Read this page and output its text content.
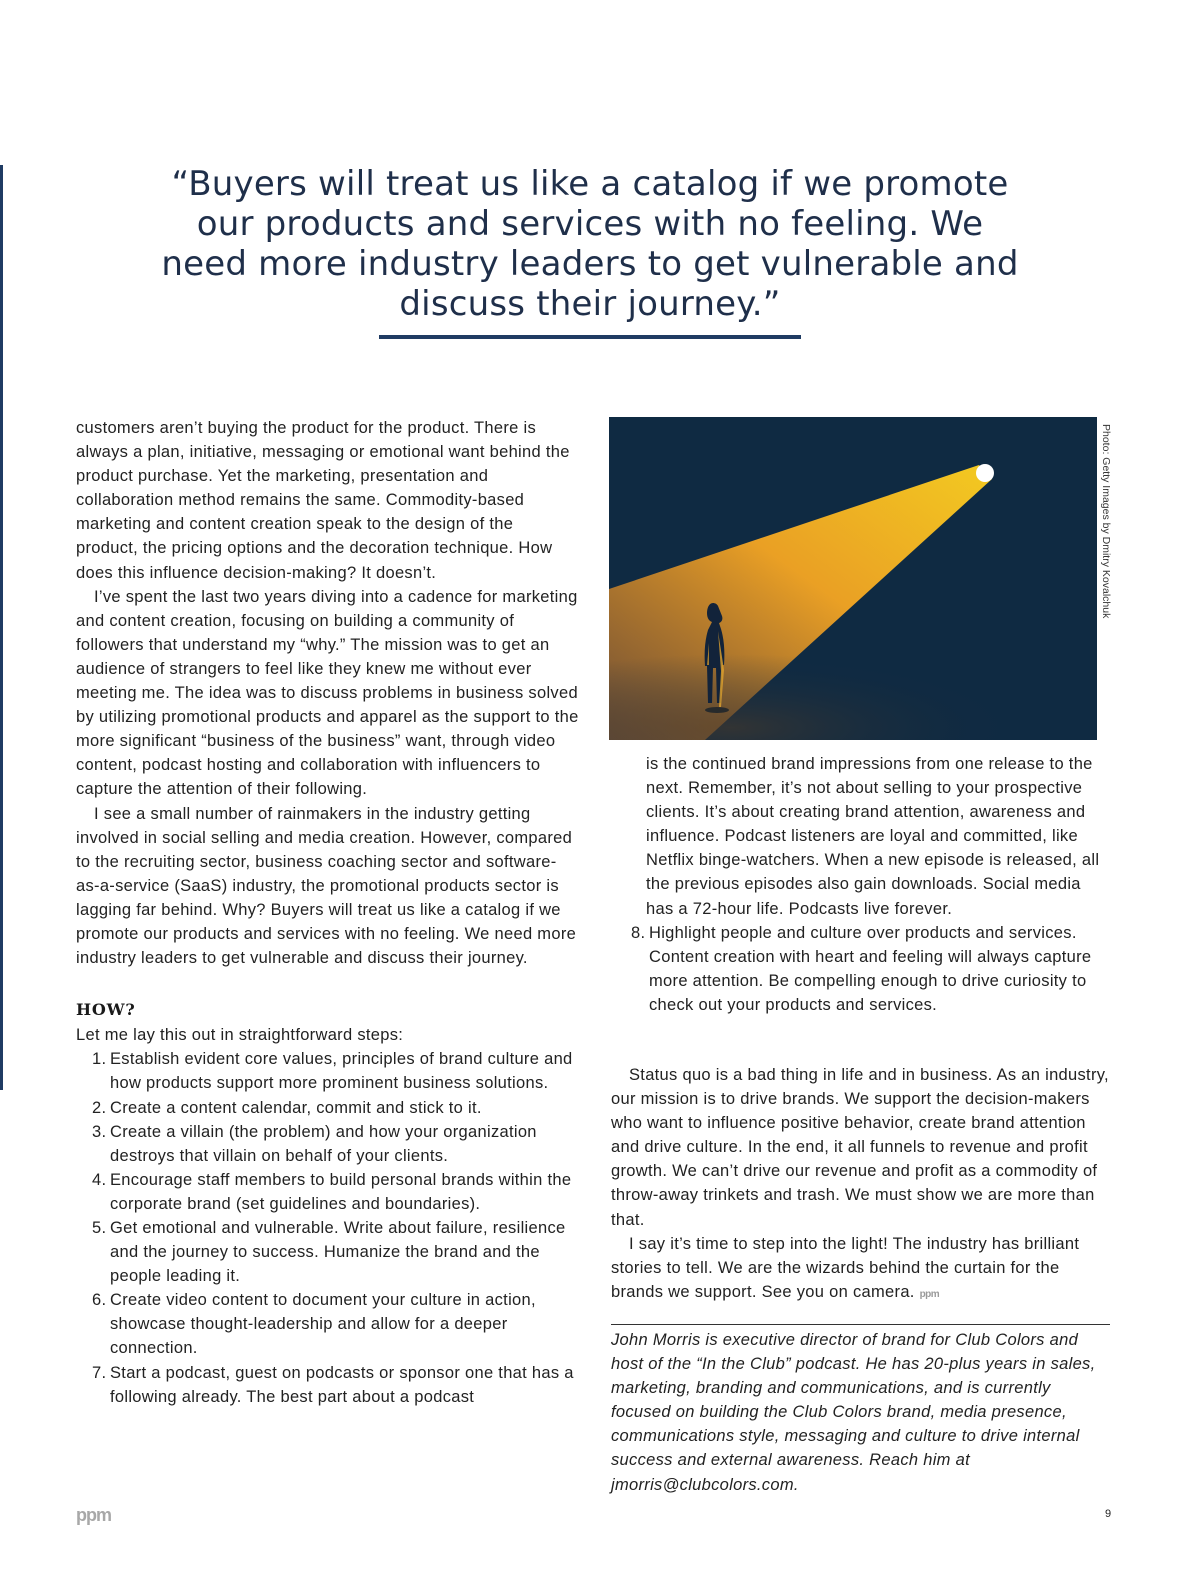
“Buyers will treat us like a catalog if we promote our products and services with no feeling. We need more industry leaders to get vulnerable and discuss their journey.”

customers aren’t buying the product for the product. There is always a plan, initiative, messaging or emotional want behind the product purchase. Yet the marketing, presentation and collaboration method remains the same. Commodity-based marketing and content creation speak to the design of the product, the pricing options and the decoration technique. How does this influence decision-making? It doesn’t.

I’ve spent the last two years diving into a cadence for marketing and content creation, focusing on building a community of followers that understand my “why.” The mission was to get an audience of strangers to feel like they knew me without ever meeting me. The idea was to discuss problems in business solved by utilizing promotional products and apparel as the support to the more significant “business of the business” want, through video content, podcast hosting and collaboration with influencers to capture the attention of their following.

I see a small number of rainmakers in the industry getting involved in social selling and media creation. However, compared to the recruiting sector, business coaching sector and software-as-a-service (SaaS) industry, the promotional products sector is lagging far behind. Why? Buyers will treat us like a catalog if we promote our products and services with no feeling. We need more industry leaders to get vulnerable and discuss their journey.

HOW?

Let me lay this out in straightforward steps:

1. Establish evident core values, principles of brand culture and how products support more prominent business solutions.
2. Create a content calendar, commit and stick to it.
3. Create a villain (the problem) and how your organization destroys that villain on behalf of your clients.
4. Encourage staff members to build personal brands within the corporate brand (set guidelines and boundaries).
5. Get emotional and vulnerable. Write about failure, resilience and the journey to success. Humanize the brand and the people leading it.
6. Create video content to document your culture in action, showcase thought-leadership and allow for a deeper connection.
7. Start a podcast, guest on podcasts or sponsor one that has a following already. The best part about a podcast
Photo: Getty Images by Dmitry Kovalchuk

is the continued brand impressions from one release to the next. Remember, it’s not about selling to your prospective clients. It’s about creating brand attention, awareness and influence. Podcast listeners are loyal and committed, like Netflix binge-watchers. When a new episode is released, all the previous episodes also gain downloads. Social media has a 72-hour life. Podcasts live forever.

8. Highlight people and culture over products and services. Content creation with heart and feeling will always capture more attention. Be compelling enough to drive curiosity to check out your products and services.

Status quo is a bad thing in life and in business. As an industry, our mission is to drive brands. We support the decision-makers who want to influence positive behavior, create brand attention and drive culture. In the end, it all funnels to revenue and profit growth. We can’t drive our revenue and profit as a commodity of throw-away trinkets and trash. We must show we are more than that.

I say it’s time to step into the light! The industry has brilliant stories to tell. We are the wizards behind the curtain for the brands we support. See you on camera. ppm

John Morris is executive director of brand for Club Colors and host of the “In the Club” podcast. He has 20-plus years in sales, marketing, branding and communications, and is currently focused on building the Club Colors brand, media presence, communications style, messaging and culture to drive internal success and external awareness. Reach him at jmorris@clubcolors.com.

ppm	9
